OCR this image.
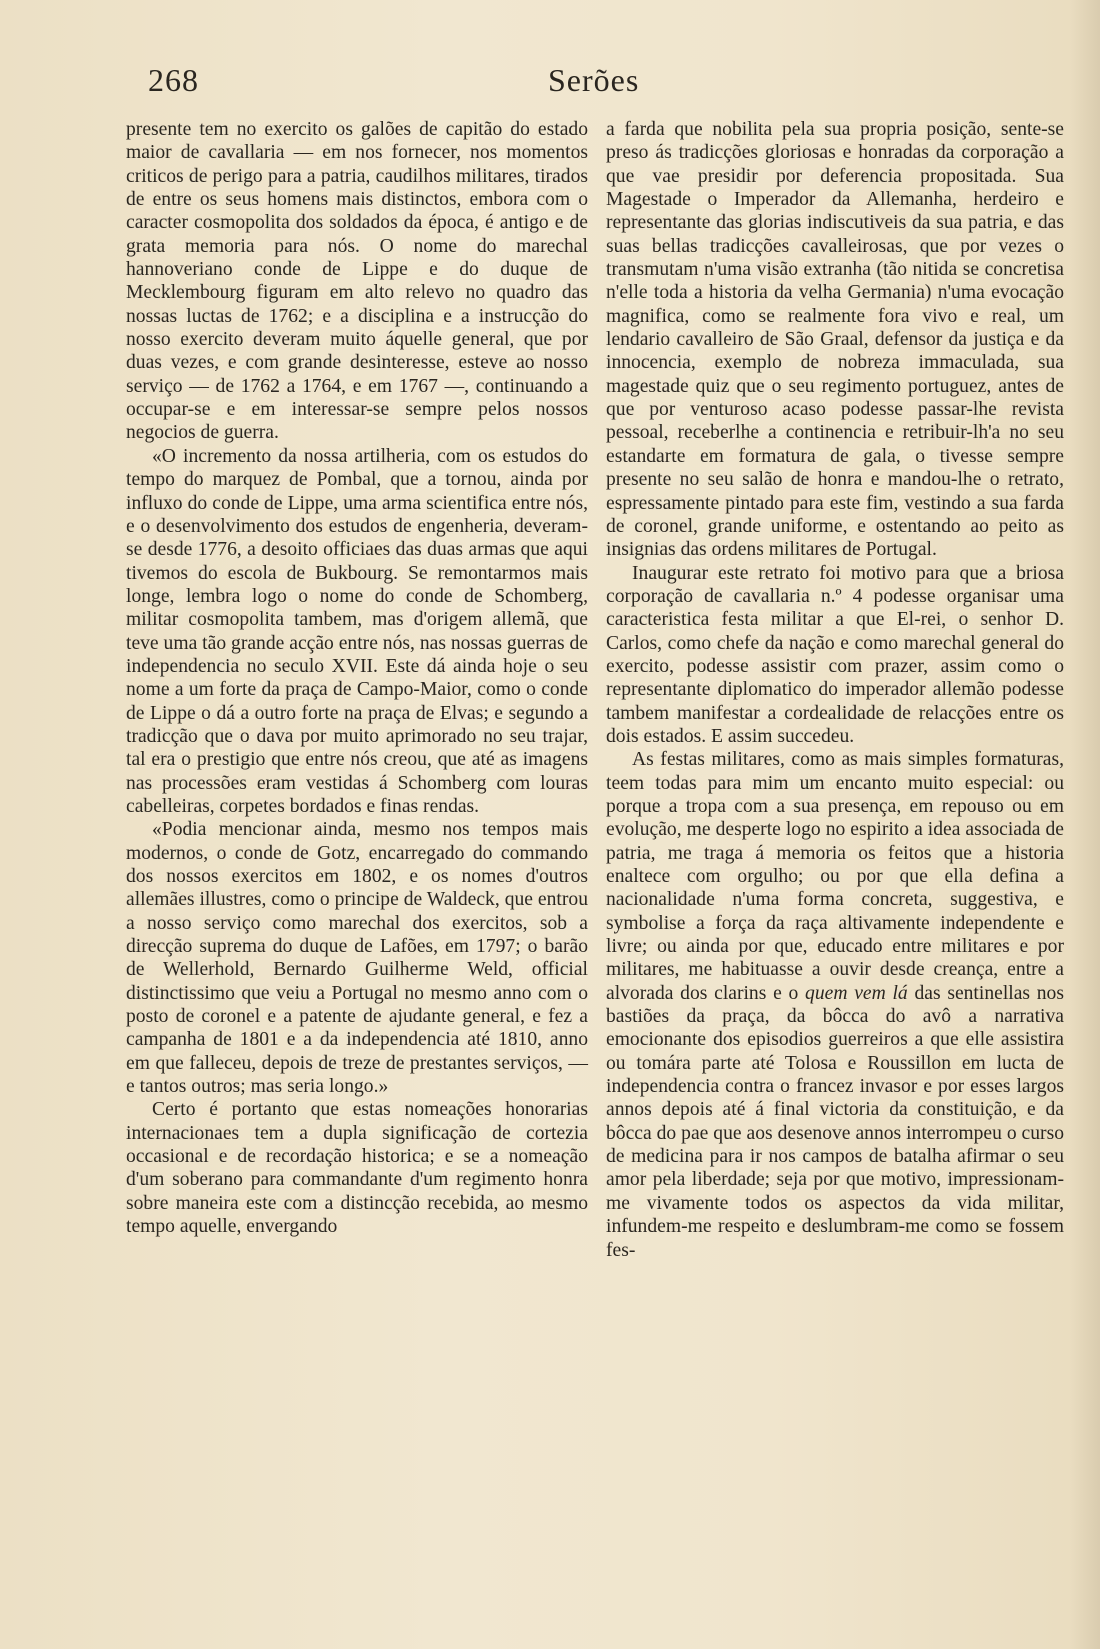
268	Serões

presente tem no exercito os galões de capitão do estado maior de cavallaria — em nos fornecer, nos momentos criticos de perigo para a patria, caudilhos militares, tirados de entre os seus homens mais distinctos, embora com o caracter cosmopolita dos soldados da época, é antigo e de grata memoria para nós. O nome do marechal hannoveriano conde de Lippe e do duque de Mecklembourg figuram em alto relevo no quadro das nossas luctas de 1762; e a disciplina e a instrucção do nosso exercito deveram muito áquelle general, que por duas vezes, e com grande desinteresse, esteve ao nosso serviço — de 1762 a 1764, e em 1767 —, continuando a occupar-se e em interessar-se sempre pelos nossos negocios de guerra.

«O incremento da nossa artilheria, com os estudos do tempo do marquez de Pombal, que a tornou, ainda por influxo do conde de Lippe, uma arma scientifica entre nós, e o desenvolvimento dos estudos de engenheria, deveram-se desde 1776, a desoito officiaes das duas armas que aqui tivemos do escola de Bukbourg. Se remontarmos mais longe, lembra logo o nome do conde de Schomberg, militar cosmopolita tambem, mas d'origem allemã, que teve uma tão grande acção entre nós, nas nossas guerras de independencia no seculo XVII. Este dá ainda hoje o seu nome a um forte da praça de Campo-Maior, como o conde de Lippe o dá a outro forte na praça de Elvas; e segundo a tradicção que o dava por muito aprimorado no seu trajar, tal era o prestigio que entre nós creou, que até as imagens nas processões eram vestidas á Schomberg com louras cabelleiras, corpetes bordados e finas rendas.

«Podia mencionar ainda, mesmo nos tempos mais modernos, o conde de Gotz, encarregado do commando dos nossos exercitos em 1802, e os nomes d'outros allemães illustres, como o principe de Waldeck, que entrou a nosso serviço como marechal dos exercitos, sob a direcção suprema do duque de Lafões, em 1797; o barão de Wellerhold, Bernardo Guilherme Weld, official distinctissimo que veiu a Portugal no mesmo anno com o posto de coronel e a patente de ajudante general, e fez a campanha de 1801 e a da independencia até 1810, anno em que falleceu, depois de treze de prestantes serviços, — e tantos outros; mas seria longo.»

Certo é portanto que estas nomeações honorarias internacionaes tem a dupla significação de cortezia occasional e de recordação historica; e se a nomeação d'um soberano para commandante d'um regimento honra sobre maneira este com a distincção recebida, ao mesmo tempo aquelle, envergando

a farda que nobilita pela sua propria posição, sente-se preso ás tradicções gloriosas e honradas da corporação a que vae presidir por deferencia propositada. Sua Magestade o Imperador da Allemanha, herdeiro e representante das glorias indiscutiveis da sua patria, e das suas bellas tradicções cavalleirosas, que por vezes o transmutam n'uma visão extranha (tão nitida se concretisa n'elle toda a historia da velha Germania) n'uma evocação magnifica, como se realmente fora vivo e real, um lendario cavalleiro de São Graal, defensor da justiça e da innocencia, exemplo de nobreza immaculada, sua magestade quiz que o seu regimento portuguez, antes de que por venturoso acaso podesse passar-lhe revista pessoal, receberlhe a continencia e retribuir-lh'a no seu estandarte em formatura de gala, o tivesse sempre presente no seu salão de honra e mandou-lhe o retrato, espressamente pintado para este fim, vestindo a sua farda de coronel, grande uniforme, e ostentando ao peito as insignias das ordens militares de Portugal.

Inaugurar este retrato foi motivo para que a briosa corporação de cavallaria n.º 4 podesse organisar uma caracteristica festa militar a que El-rei, o senhor D. Carlos, como chefe da nação e como marechal general do exercito, podesse assistir com prazer, assim como o representante diplomatico do imperador allemão podesse tambem manifestar a cordealidade de relacções entre os dois estados. E assim succedeu.

As festas militares, como as mais simples formaturas, teem todas para mim um encanto muito especial: ou porque a tropa com a sua presença, em repouso ou em evolução, me desperte logo no espirito a idea associada de patria, me traga á memoria os feitos que a historia enaltece com orgulho; ou por que ella defina a nacionalidade n'uma forma concreta, suggestiva, e symbolise a força da raça altivamente independente e livre; ou ainda por que, educado entre militares e por militares, me habituasse a ouvir desde creança, entre a alvorada dos clarins e o quem vem lá das sentinellas nos bastiões da praça, da bôcca do avô a narrativa emocionante dos episodios guerreiros a que elle assistira ou tomára parte até Tolosa e Roussillon em lucta de independencia contra o francez invasor e por esses largos annos depois até á final victoria da constituição, e da bôcca do pae que aos desenove annos interrompeu o curso de medicina para ir nos campos de batalha afirmar o seu amor pela liberdade; seja por que motivo, impressionam-me vivamente todos os aspectos da vida militar, infundem-me respeito e deslumbram-me como se fossem fes-
